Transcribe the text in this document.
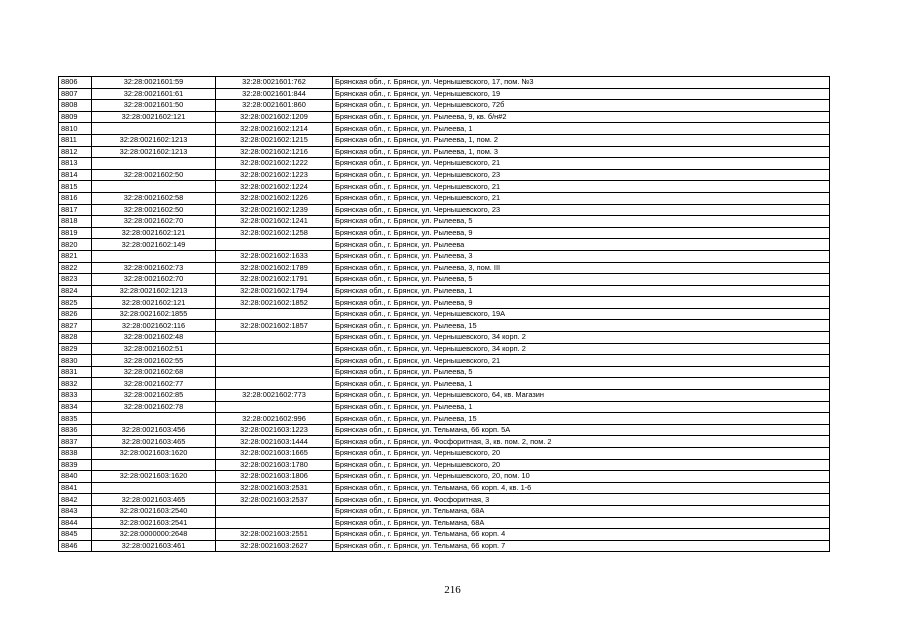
8806	32:28:0021601:59	32:28:0021601:762	Брянская обл., г. Брянск, ул. Чернышевского, 17, пом. №3
8807	32:28:0021601:61	32:28:0021601:844	Брянская обл., г. Брянск, ул. Чернышевского, 19
8808	32:28:0021601:50	32:28:0021601:860	Брянская обл., г. Брянск, ул. Чернышевского, 72б
8809	32:28:0021602:121	32:28:0021602:1209	Брянская обл., г. Брянск, ул. Рылеева, 9, кв. б/н#2
8810		32:28:0021602:1214	Брянская обл., г. Брянск, ул. Рылеева, 1
8811	32:28:0021602:1213	32:28:0021602:1215	Брянская обл., г. Брянск, ул. Рылеева, 1, пом. 2
8812	32:28:0021602:1213	32:28:0021602:1216	Брянская обл., г. Брянск, ул. Рылеева, 1, пом. 3
8813		32:28:0021602:1222	Брянская обл., г. Брянск, ул. Чернышевского, 21
8814	32:28:0021602:50	32:28:0021602:1223	Брянская обл., г. Брянск, ул. Чернышевского, 23
8815		32:28:0021602:1224	Брянская обл., г. Брянск, ул. Чернышевского, 21
8816	32:28:0021602:58	32:28:0021602:1226	Брянская обл., г. Брянск, ул. Чернышевского, 21
8817	32:28:0021602:50	32:28:0021602:1239	Брянская обл., г. Брянск, ул. Чернышевского, 23
8818	32:28:0021602:70	32:28:0021602:1241	Брянская обл., г. Брянск, ул. Рылеева, 5
8819	32:28:0021602:121	32:28:0021602:1258	Брянская обл., г. Брянск, ул. Рылеева, 9
8820	32:28:0021602:149		Брянская обл., г. Брянск, ул. Рылеева
8821		32:28:0021602:1633	Брянская обл., г. Брянск, ул. Рылеева, 3
8822	32:28:0021602:73	32:28:0021602:1789	Брянская обл., г. Брянск, ул. Рылеева, 3, пом. III
8823	32:28:0021602:70	32:28:0021602:1791	Брянская обл., г. Брянск, ул. Рылеева, 5
8824	32:28:0021602:1213	32:28:0021602:1794	Брянская обл., г. Брянск, ул. Рылеева, 1
8825	32:28:0021602:121	32:28:0021602:1852	Брянская обл., г. Брянск, ул. Рылеева, 9
8826	32:28:0021602:1855		Брянская обл., г. Брянск, ул. Чернышевского, 19А
8827	32:28:0021602:116	32:28:0021602:1857	Брянская обл., г. Брянск, ул. Рылеева, 15
8828	32:28:0021602:48		Брянская обл., г. Брянск, ул. Чернышевского, 34 корп. 2
8829	32:28:0021602:51		Брянская обл., г. Брянск, ул. Чернышевского, 34 корп. 2
8830	32:28:0021602:55		Брянская обл., г. Брянск, ул. Чернышевского, 21
8831	32:28:0021602:68		Брянская обл., г. Брянск, ул. Рылеева, 5
8832	32:28:0021602:77		Брянская обл., г. Брянск, ул. Рылеева, 1
8833	32:28:0021602:85	32:28:0021602:773	Брянская обл., г. Брянск, ул. Чернышевского, 64, кв. Магазин
8834	32:28:0021602:78		Брянская обл., г. Брянск, ул. Рылеева, 1
8835		32:28:0021602:996	Брянская обл., г. Брянск, ул. Рылеева, 15
8836	32:28:0021603:456	32:28:0021603:1223	Брянская обл., г. Брянск, ул. Тельмана, 66 корп. 5А
8837	32:28:0021603:465	32:28:0021603:1444	Брянская обл., г. Брянск, ул. Фосфоритная, 3, кв. пом. 2, пом. 2
8838	32:28:0021603:1620	32:28:0021603:1665	Брянская обл., г. Брянск, ул. Чернышевского, 20
8839		32:28:0021603:1780	Брянская обл., г. Брянск, ул. Чернышевского, 20
8840	32:28:0021603:1620	32:28:0021603:1806	Брянская обл., г. Брянск, ул. Чернышевского, 20, пом. 10
8841		32:28:0021603:2531	Брянская обл., г. Брянск, ул. Тельмана, 66 корп. 4, кв. 1-6
8842	32:28:0021603:465	32:28:0021603:2537	Брянская обл., г. Брянск, ул. Фосфоритная, 3
8843	32:28:0021603:2540		Брянская обл., г. Брянск, ул. Тельмана, 68А
8844	32:28:0021603:2541		Брянская обл., г. Брянск, ул. Тельмана, 68А
8845	32:28:0000000:2648	32:28:0021603:2551	Брянская обл., г. Брянск, ул. Тельмана, 66 корп. 4
8846	32:28:0021603:461	32:28:0021603:2627	Брянская обл., г. Брянск, ул. Тельмана, 66 корп. 7
216
